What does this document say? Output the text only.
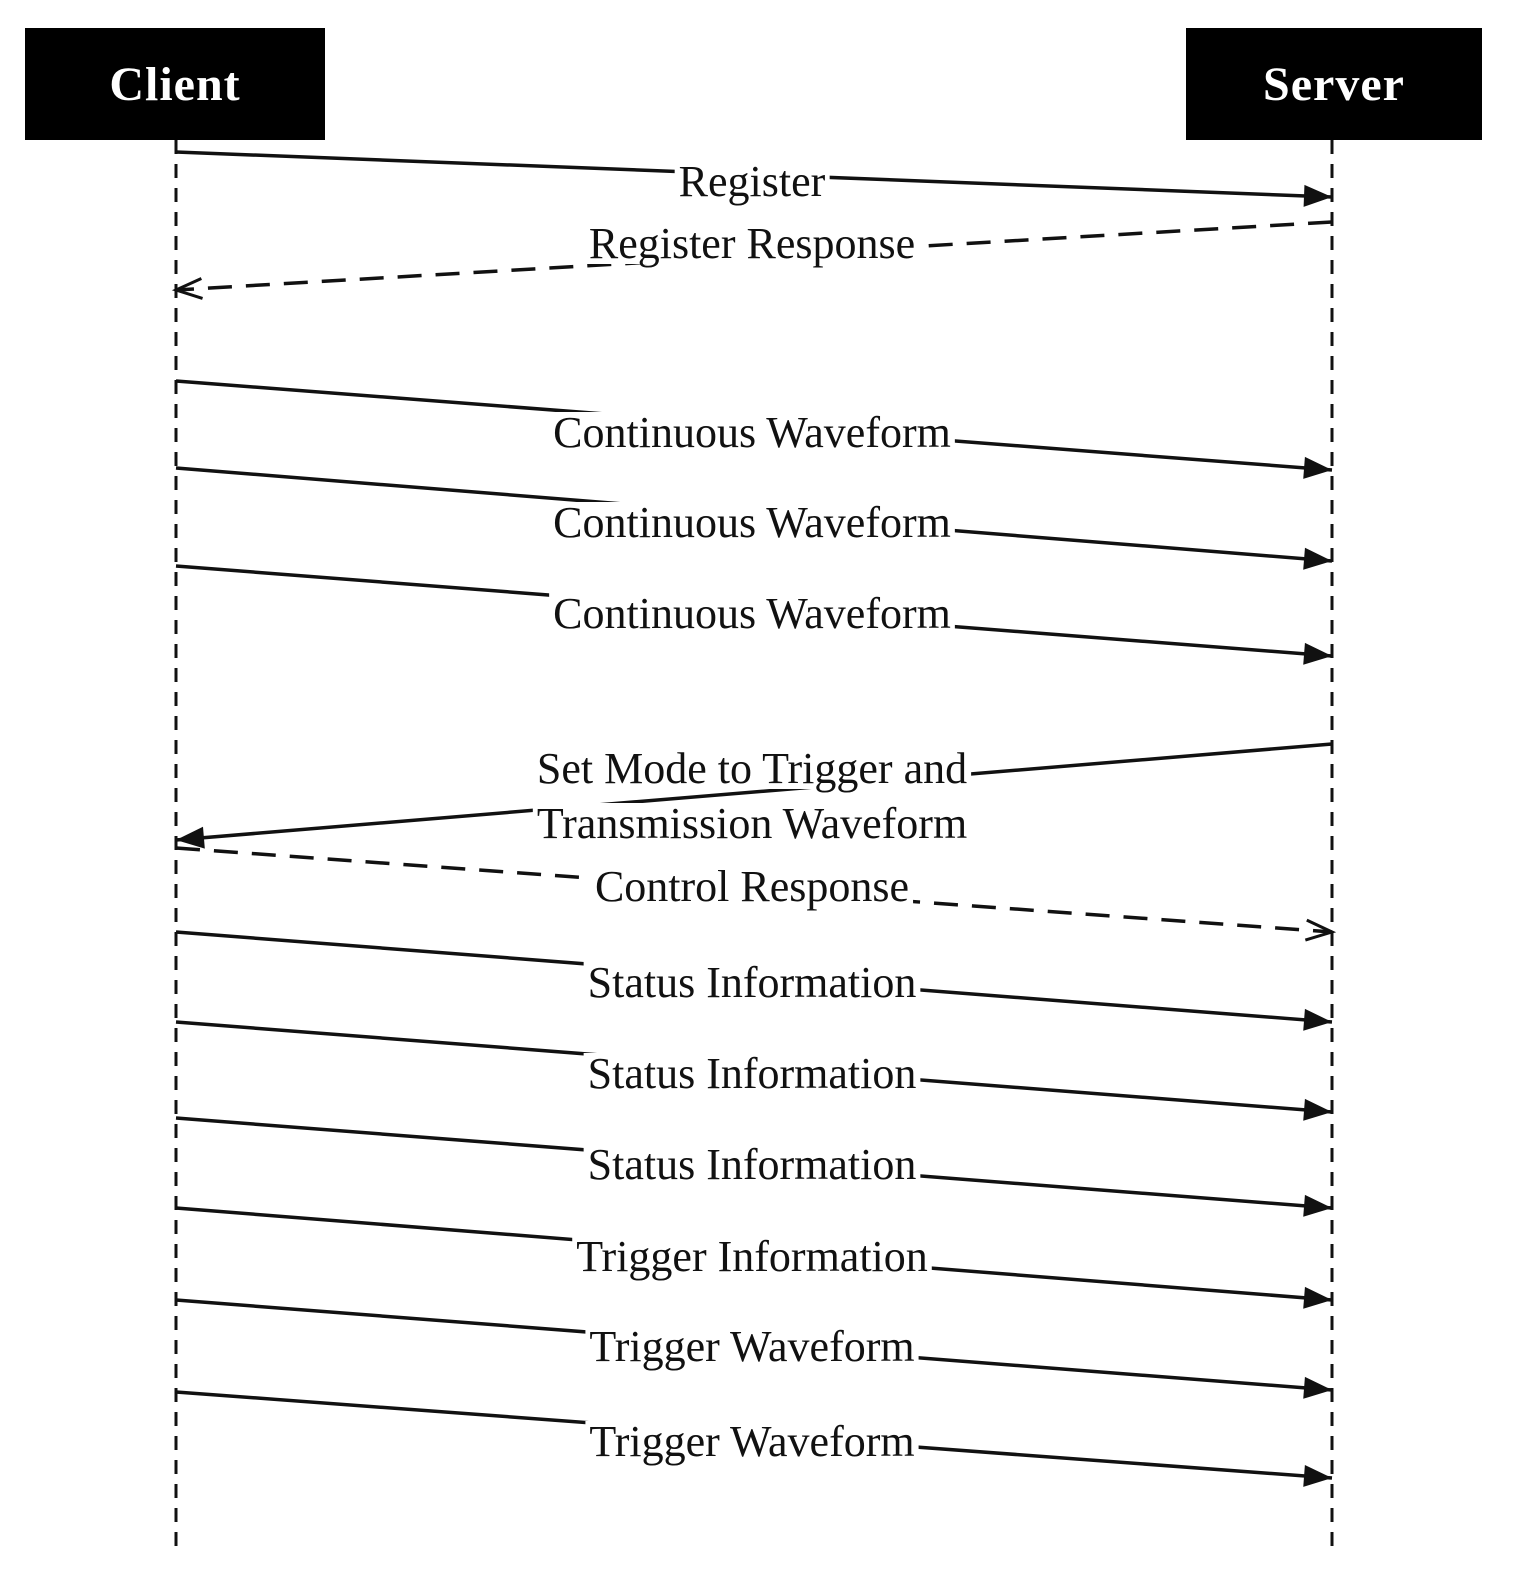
Client	Server
Register
Register Response
Continuous Waveform
Continuous Waveform
Continuous Waveform
Set Mode to Trigger and
Transmission Waveform
Control Response
Status Information
Status Information
Status Information
Trigger Information
Trigger Waveform
Trigger Waveform
